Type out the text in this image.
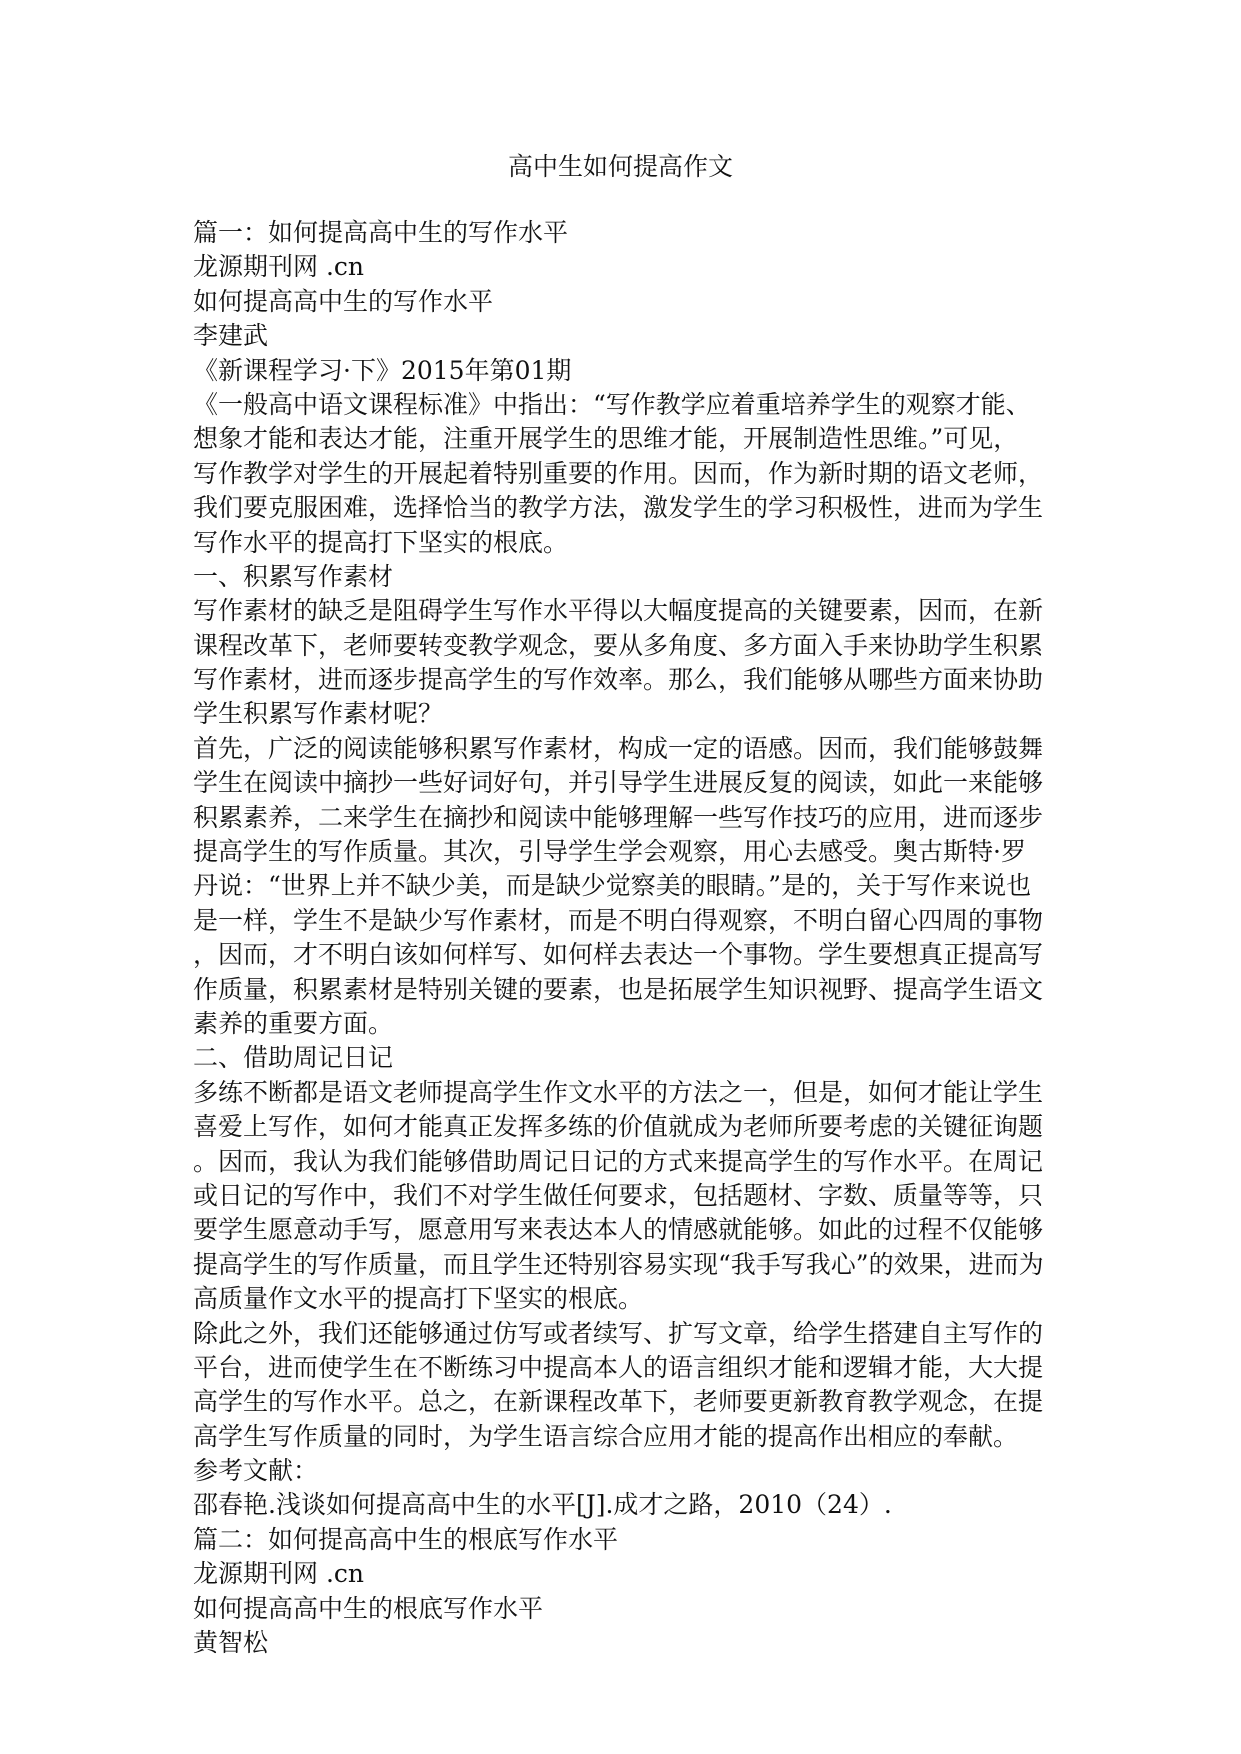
高中生如何提高作文

篇一：如何提高高中生的写作水平

龙源期刊网 .cn

如何提高高中生的写作水平

李建武

《新课程学习·下》2015年第01期

《一般高中语文课程标准》中指出：“写作教学应着重培养学生的观察才能、

想象才能和表达才能，注重开展学生的思维才能，开展制造性思维。”可见，

写作教学对学生的开展起着特别重要的作用。因而，作为新时期的语文老师，

我们要克服困难，选择恰当的教学方法，激发学生的学习积极性，进而为学生

写作水平的提高打下坚实的根底。

一、积累写作素材

写作素材的缺乏是阻碍学生写作水平得以大幅度提高的关键要素，因而，在新

课程改革下，老师要转变教学观念，要从多角度、多方面入手来协助学生积累

写作素材，进而逐步提高学生的写作效率。那么，我们能够从哪些方面来协助

学生积累写作素材呢？

首先，广泛的阅读能够积累写作素材，构成一定的语感。因而，我们能够鼓舞

学生在阅读中摘抄一些好词好句，并引导学生进展反复的阅读，如此一来能够

积累素养，二来学生在摘抄和阅读中能够理解一些写作技巧的应用，进而逐步

提高学生的写作质量。其次，引导学生学会观察，用心去感受。奥古斯特·罗

丹说：“世界上并不缺少美，而是缺少觉察美的眼睛。”是的，关于写作来说也

是一样，学生不是缺少写作素材，而是不明白得观察，不明白留心四周的事物

，因而，才不明白该如何样写、如何样去表达一个事物。学生要想真正提高写

作质量，积累素材是特别关键的要素，也是拓展学生知识视野、提高学生语文

素养的重要方面。

二、借助周记日记

多练不断都是语文老师提高学生作文水平的方法之一，但是，如何才能让学生

喜爱上写作，如何才能真正发挥多练的价值就成为老师所要考虑的关键征询题

。因而，我认为我们能够借助周记日记的方式来提高学生的写作水平。在周记

或日记的写作中，我们不对学生做任何要求，包括题材、字数、质量等等，只

要学生愿意动手写，愿意用写来表达本人的情感就能够。如此的过程不仅能够

提高学生的写作质量，而且学生还特别容易实现“我手写我心”的效果，进而为

高质量作文水平的提高打下坚实的根底。

除此之外，我们还能够通过仿写或者续写、扩写文章，给学生搭建自主写作的

平台，进而使学生在不断练习中提高本人的语言组织才能和逻辑才能，大大提

高学生的写作水平。总之，在新课程改革下，老师要更新教育教学观念，在提

高学生写作质量的同时，为学生语言综合应用才能的提高作出相应的奉献。

参考文献：

邵春艳.浅谈如何提高高中生的水平[J].成才之路，2010（24）.

篇二：如何提高高中生的根底写作水平

龙源期刊网 .cn

如何提高高中生的根底写作水平

黄智松
